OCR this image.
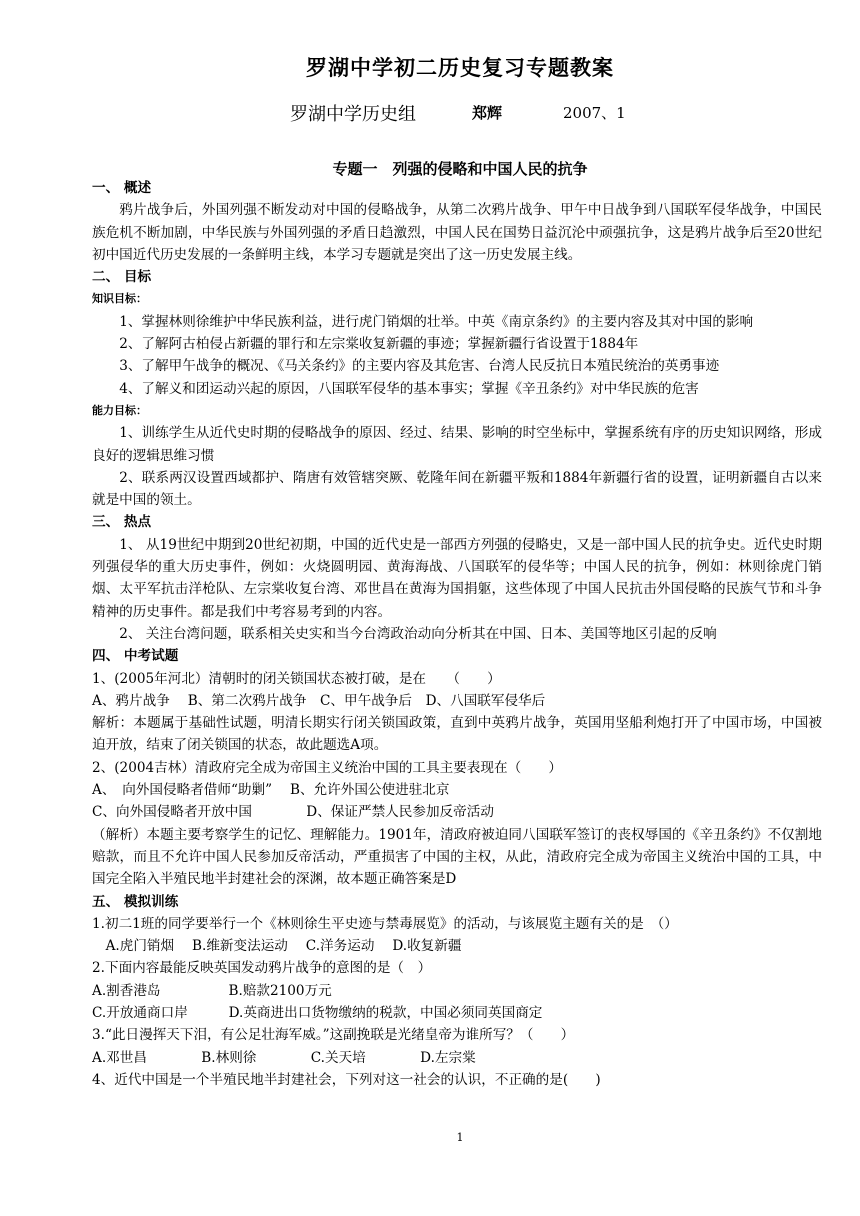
罗湖中学初二历史复习专题教案
罗湖中学历史组	郑辉	2007、1
专题一　列强的侵略和中国人民的抗争

一、 概述

鸦片战争后，外国列强不断发动对中国的侵略战争，从第二次鸦片战争、甲午中日战争到八国联军侵华战争，中国民族危机不断加剧，中华民族与外国列强的矛盾日趋激烈，中国人民在国势日益沉沦中顽强抗争，这是鸦片战争后至20世纪初中国近代历史发展的一条鲜明主线，本学习专题就是突出了这一历史发展主线。

二、 目标

知识目标：

1、掌握林则徐维护中华民族利益，进行虎门销烟的壮举。中英《南京条约》的主要内容及其对中国的影响

2、了解阿古柏侵占新疆的罪行和左宗棠收复新疆的事迹；掌握新疆行省设置于1884年

3、了解甲午战争的概况、《马关条约》的主要内容及其危害、台湾人民反抗日本殖民统治的英勇事迹

4、了解义和团运动兴起的原因，八国联军侵华的基本事实；掌握《辛丑条约》对中华民族的危害

能力目标：

1、训练学生从近代史时期的侵略战争的原因、经过、结果、影响的时空坐标中，掌握系统有序的历史知识网络，形成良好的逻辑思维习惯

2、联系两汉设置西域都护、隋唐有效管辖突厥、乾隆年间在新疆平叛和1884年新疆行省的设置，证明新疆自古以来就是中国的领土。

三、 热点

1、 从19世纪中期到20世纪初期，中国的近代史是一部西方列强的侵略史，又是一部中国人民的抗争史。近代史时期列强侵华的重大历史事件，例如：火烧圆明园、黄海海战、八国联军的侵华等；中国人民的抗争，例如：林则徐虎门销烟、太平军抗击洋枪队、左宗棠收复台湾、邓世昌在黄海为国捐躯，这些体现了中国人民抗击外国侵略的民族气节和斗争精神的历史事件。都是我们中考容易考到的内容。

2、 关注台湾问题，联系相关史实和当今台湾政治动向分析其在中国、日本、美国等地区引起的反响

四、 中考试题

1、(2005年河北）清朝时的闭关锁国状态被打破，是在　　（　　）

A、鸦片战争　 B、第二次鸦片战争　C、甲午战争后　D、八国联军侵华后

解析：本题属于基础性试题，明清长期实行闭关锁国政策，直到中英鸦片战争，英国用坚船利炮打开了中国市场，中国被迫开放，结束了闭关锁国的状态，故此题选A项。

2、(2004吉林）清政府完全成为帝国主义统治中国的工具主要表现在（　　）

A、　向外国侵略者借师“助剿”　 B、允许外国公使进驻北京

C、向外国侵略者开放中国　　　　D、保证严禁人民参加反帝活动

（解析）本题主要考察学生的记忆、理解能力。1901年，清政府被迫同八国联军签订的丧权辱国的《辛丑条约》不仅割地赔款，而且不允许中国人民参加反帝活动，严重损害了中国的主权，从此，清政府完全成为帝国主义统治中国的工具，中国完全陷入半殖民地半封建社会的深渊，故本题正确答案是D

五、 模拟训练

1.初二1班的同学要举行一个《林则徐生平史迹与禁毒展览》的活动，与该展览主题有关的是　（）

　A.虎门销烟　 B.维新变法运动　 C.洋务运动　 D.收复新疆

2.下面内容最能反映英国发动鸦片战争的意图的是（　）

A.割香港岛　　　　　B.赔款2100万元

C.开放通商口岸　　　D.英商进出口货物缴纳的税款，中国必须同英国商定

3.“此日漫挥天下泪，有公足壮海军威。”这副挽联是光绪皇帝为谁所写？（　　）

A.邓世昌　　　　B.林则徐　　　　C.关天培　　　　D.左宗棠

4、近代中国是一个半殖民地半封建社会，下列对这一社会的认识，不正确的是(　　)

1
